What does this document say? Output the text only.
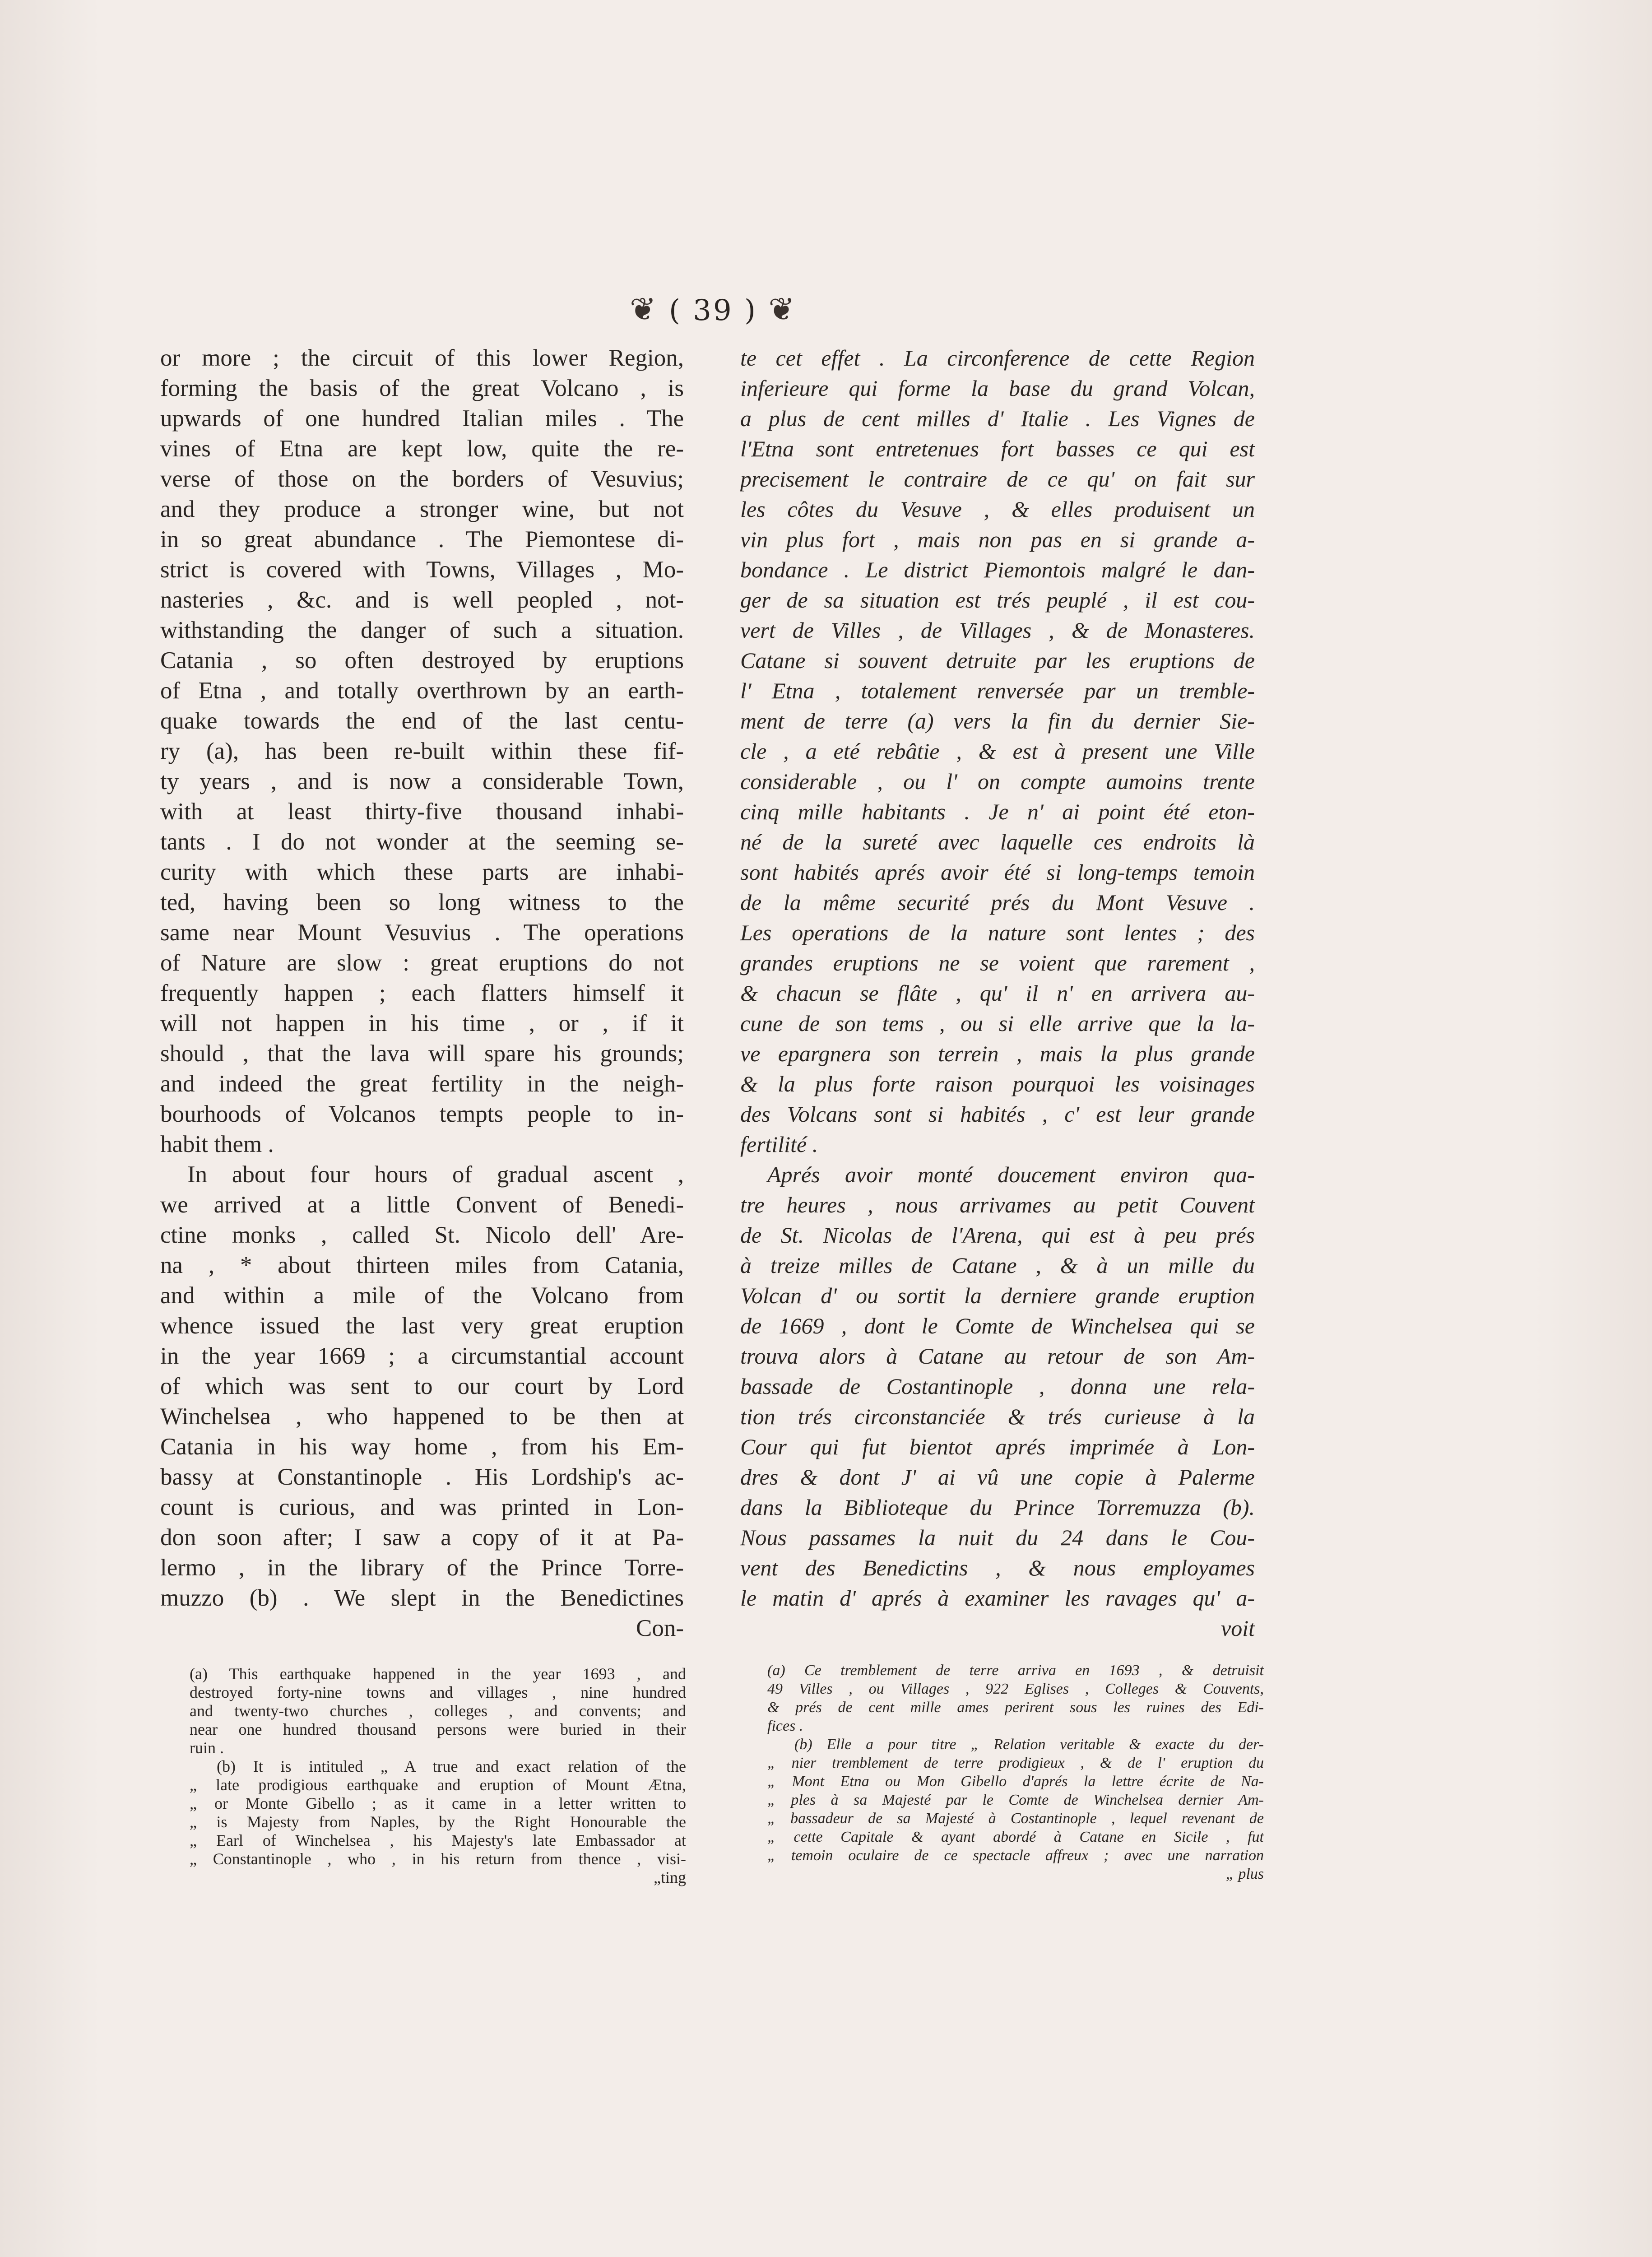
❦ ( 39 ) ❦
or more ; the circuit of this lower Region,
forming the basis of the great Volcano , is
upwards of one hundred Italian miles . The
vines of Etna are kept low, quite the re-
verse of those on the borders of Vesuvius;
and they produce a stronger wine, but not
in so great abundance . The Piemontese di-
strict is covered with Towns, Villages , Mo-
nasteries , &c. and is well peopled , not-
withstanding the danger of such a situation.
Catania , so often destroyed by eruptions
of Etna , and totally overthrown by an earth-
quake towards the end of the last centu-
ry (a), has been re-built within these fif-
ty years , and is now a considerable Town,
with at least thirty-five thousand inhabi-
tants . I do not wonder at the seeming se-
curity with which these parts are inhabi-
ted, having been so long witness to the
same near Mount Vesuvius . The operations
of Nature are slow : great eruptions do not
frequently happen ; each flatters himself it
will not happen in his time , or , if it
should , that the lava will spare his grounds;
and indeed the great fertility in the neigh-
bourhoods of Volcanos tempts people to in-
habit them .
In about four hours of gradual ascent ,
we arrived at a little Convent of Benedi-
ctine monks , called St. Nicolo dell' Are-
na , * about thirteen miles from Catania,
and within a mile of the Volcano from
whence issued the last very great eruption
in the year 1669 ; a circumstantial account
of which was sent to our court by Lord
Winchelsea , who happened to be then at
Catania in his way home , from his Em-
bassy at Constantinople . His Lordship's ac-
count is curious, and was printed in Lon-
don soon after; I saw a copy of it at Pa-
lermo , in the library of the Prince Torre-
muzzo (b) . We slept in the Benedictines
Con-
te cet effet . La circonference de cette Region
inferieure qui forme la base du grand Volcan,
a plus de cent milles d' Italie . Les Vignes de
l'Etna sont entretenues fort basses ce qui est
precisement le contraire de ce qu' on fait sur
les côtes du Vesuve , & elles produisent un
vin plus fort , mais non pas en si grande a-
bondance . Le district Piemontois malgré le dan-
ger de sa situation est trés peuplé , il est cou-
vert de Villes , de Villages , & de Monasteres.
Catane si souvent detruite par les eruptions de
l' Etna , totalement renversée par un tremble-
ment de terre (a) vers la fin du dernier Sie-
cle , a eté rebâtie , & est à present une Ville
considerable , ou l' on compte aumoins trente
cinq mille habitants . Je n' ai point été eton-
né de la sureté avec laquelle ces endroits là
sont habités aprés avoir été si long-temps temoin
de la même securité prés du Mont Vesuve .
Les operations de la nature sont lentes ; des
grandes eruptions ne se voient que rarement ,
& chacun se flâte , qu' il n' en arrivera au-
cune de son tems , ou si elle arrive que la la-
ve epargnera son terrein , mais la plus grande
& la plus forte raison pourquoi les voisinages
des Volcans sont si habités , c' est leur grande
fertilité .
Aprés avoir monté doucement environ qua-
tre heures , nous arrivames au petit Couvent
de St. Nicolas de l'Arena, qui est à peu prés
à treize milles de Catane , & à un mille du
Volcan d' ou sortit la derniere grande eruption
de 1669 , dont le Comte de Winchelsea qui se
trouva alors à Catane au retour de son Am-
bassade de Costantinople , donna une rela-
tion trés circonstanciée & trés curieuse à la
Cour qui fut bientot aprés imprimée à Lon-
dres & dont J' ai vû une copie à Palerme
dans la Biblioteque du Prince Torremuzza (b).
Nous passames la nuit du 24 dans le Cou-
vent des Benedictins , & nous employames
le matin d' aprés à examiner les ravages qu' a-
voit
(a) This earthquake happened in the year 1693 , and
destroyed forty-nine towns and villages , nine hundred
and twenty-two churches , colleges , and convents; and
near one hundred thousand persons were buried in their
ruin .
(b) It is intituled „ A true and exact relation of the
„ late prodigious earthquake and eruption of Mount Ætna,
„ or Monte Gibello ; as it came in a letter written to
„ is Majesty from Naples, by the Right Honourable the
„ Earl of Winchelsea , his Majesty's late Embassador at
„ Constantinople , who , in his return from thence , visi-
„ting
(a) Ce tremblement de terre arriva en 1693 , & detruisit
49 Villes , ou Villages , 922 Eglises , Colleges & Couvents,
& prés de cent mille ames perirent sous les ruines des Edi-
fices .
(b) Elle a pour titre „ Relation veritable & exacte du der-
„ nier tremblement de terre prodigieux , & de l' eruption du
„ Mont Etna ou Mon Gibello d'aprés la lettre écrite de Na-
„ ples à sa Majesté par le Comte de Winchelsea dernier Am-
„ bassadeur de sa Majesté à Costantinople , lequel revenant de
„ cette Capitale & ayant abordé à Catane en Sicile , fut
„ temoin oculaire de ce spectacle affreux ; avec une narration
„ plus
